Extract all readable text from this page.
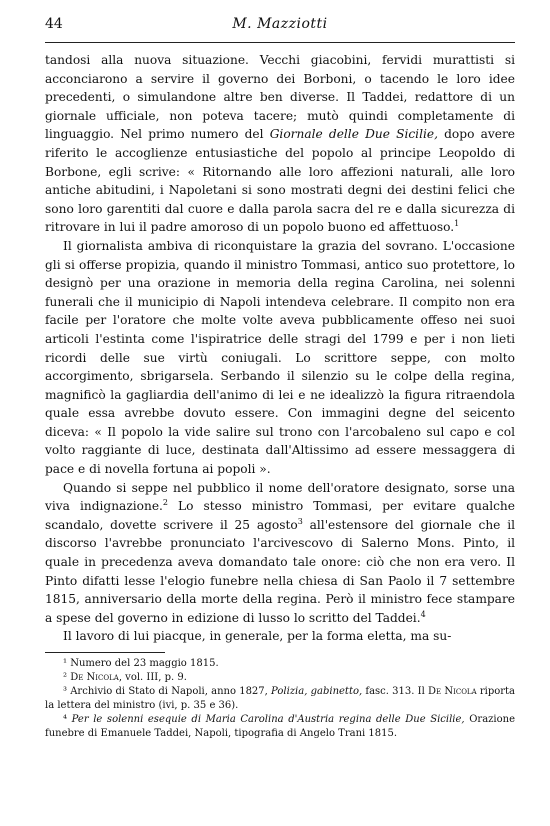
44	M. Mazziotti

tandosi alla nuova situazione. Vecchi giacobini, fervidi murattisti si acconciarono a servire il governo dei Borboni, o tacendo le loro idee precedenti, o simulandone altre ben diverse. Il Taddei, redattore di un giornale ufficiale, non poteva tacere; mutò quindi completamente di linguaggio. Nel primo numero del Giornale delle Due Sicilie, dopo avere riferito le accoglienze entusiastiche del popolo al principe Leopoldo di Borbone, egli scrive: « Ritornando alle loro affezioni naturali, alle loro antiche abitudini, i Napoletani si sono mostrati degni dei destini felici che sono loro garentiti dal cuore e dalla parola sacra del re e dalla sicurezza di ritrovare in lui il padre amoroso di un popolo buono ed affettuoso.$^1$

Il giornalista ambiva di riconquistare la grazia del sovrano. L'occasione gli si offerse propizia, quando il ministro Tommasi, antico suo protettore, lo designò per una orazione in memoria della regina Carolina, nei solenni funerali che il municipio di Napoli intendeva celebrare. Il compito non era facile per l'oratore che molte volte aveva pubblicamente offeso nei suoi articoli l'estinta come l'ispiratrice delle stragi del 1799 e per i non lieti ricordi delle sue virtù coniugali. Lo scrittore seppe, con molto accorgimento, sbrigarsela. Serbando il silenzio su le colpe della regina, magnificò la gagliardia dell'animo di lei e ne idealizzò la figura ritraendola quale essa avrebbe dovuto essere. Con immagini degne del seicento diceva: « Il popolo la vide salire sul trono con l'arcobaleno sul capo e col volto raggiante di luce, destinata dall'Altissimo ad essere messaggera di pace e di novella fortuna ai popoli ».

Quando si seppe nel pubblico il nome dell'oratore designato, sorse una viva indignazione.$^2$ Lo stesso ministro Tommasi, per evitare qualche scandalo, dovette scrivere il 25 agosto$^3$ all'estensore del giornale che il discorso l'avrebbe pronunciato l'arcivescovo di Salerno Mons. Pinto, il quale in precedenza aveva domandato tale onore: ciò che non era vero. Il Pinto difatti lesse l'elogio funebre nella chiesa di San Paolo il 7 settembre 1815, anniversario della morte della regina. Però il ministro fece stampare a spese del governo in edizione di lusso lo scritto del Taddei.$^4$

Il lavoro di lui piacque, in generale, per la forma eletta, ma su-

¹ Numero del 23 maggio 1815.

² De Nicola, vol. III, p. 9.

³ Archivio di Stato di Napoli, anno 1827, Polizia, gabinetto, fasc. 313. Il De Nicola riporta la lettera del ministro (ivi, p. 35 e 36).

⁴ Per le solenni esequie di Maria Carolina d'Austria regina delle Due Sicilie, Orazione funebre di Emanuele Taddei, Napoli, tipografia di Angelo Trani 1815.
